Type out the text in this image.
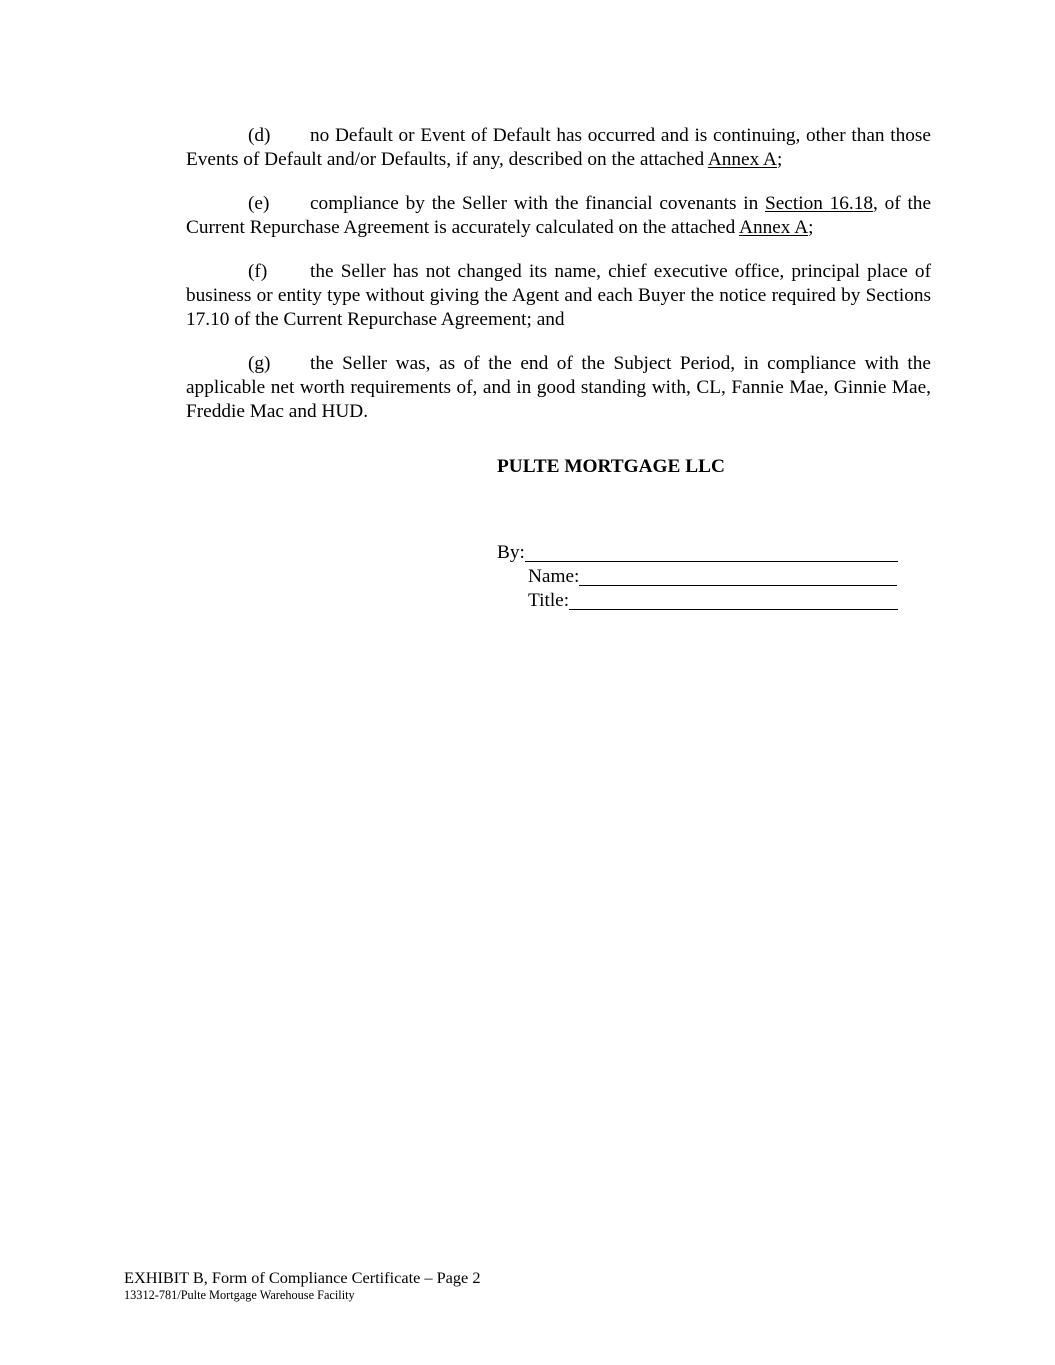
(d) no Default or Event of Default has occurred and is continuing, other than those Events of Default and/or Defaults, if any, described on the attached Annex A;

(e) compliance by the Seller with the financial covenants in Section 16.18, of the Current Repurchase Agreement is accurately calculated on the attached Annex A;

(f) the Seller has not changed its name, chief executive office, principal place of business or entity type without giving the Agent and each Buyer the notice required by Sections 17.10 of the Current Repurchase Agreement; and

(g) the Seller was, as of the end of the Subject Period, in compliance with the applicable net worth requirements of, and in good standing with, CL, Fannie Mae, Ginnie Mae, Freddie Mac and HUD.

PULTE MORTGAGE LLC
By:
Name:
Title:
EXHIBIT B, Form of Compliance Certificate – Page 2
13312-781/Pulte Mortgage Warehouse Facility
